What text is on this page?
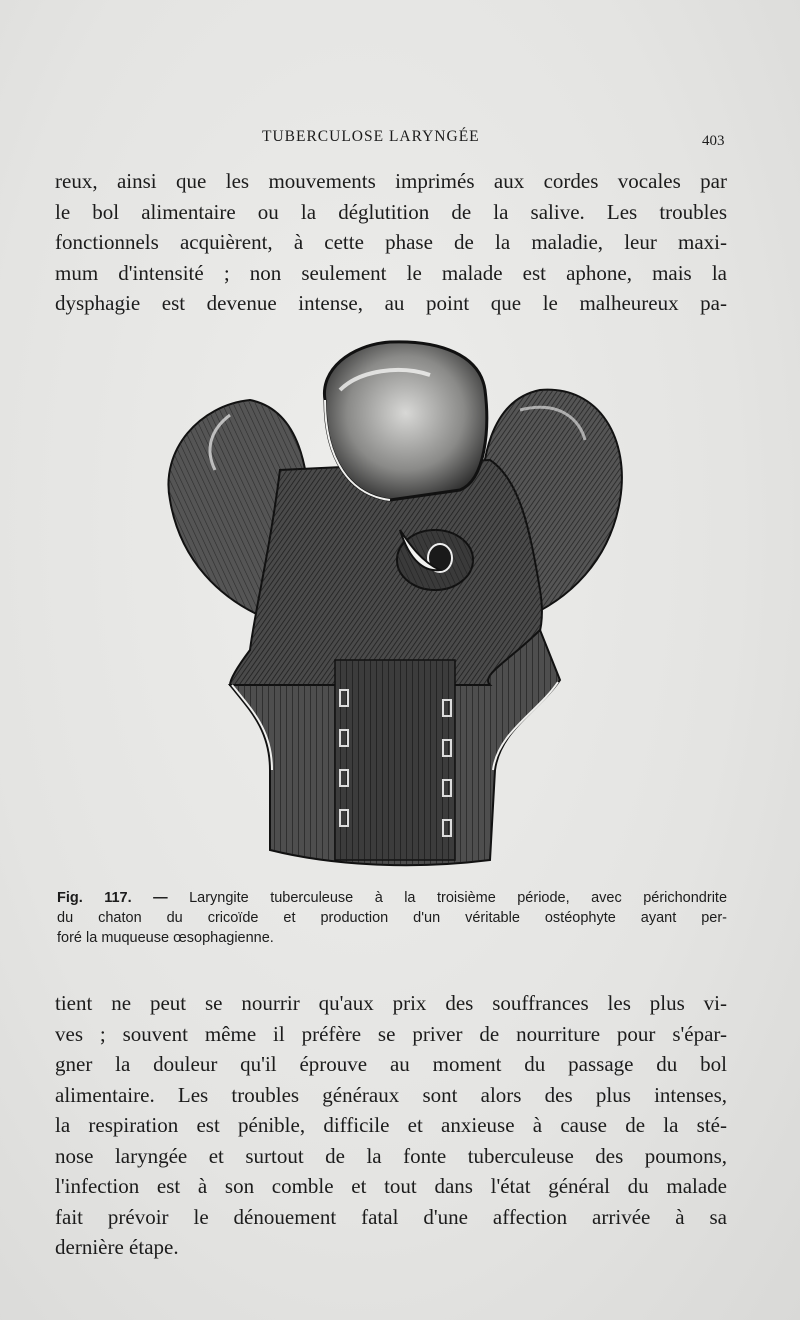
TUBERCULOSE LARYNGÉE	403

reux, ainsi que les mouvements imprimés aux cordes vocales par
le bol alimentaire ou la déglutition de la salive. Les troubles
fonctionnels acquièrent, à cette phase de la maladie, leur maxi-
mum d'intensité ; non seulement le malade est aphone, mais la
dysphagie est devenue intense, au point que le malheureux pa-

Fig. 117. — Laryngite tuberculeuse à la troisième période, avec périchondrite
du chaton du cricoïde et production d'un véritable ostéophyte ayant per-
foré la muqueuse œsophagienne.

tient ne peut se nourrir qu'aux prix des souffrances les plus vi-
ves ; souvent même il préfère se priver de nourriture pour s'épar-
gner la douleur qu'il éprouve au moment du passage du bol
alimentaire. Les troubles généraux sont alors des plus intenses,
la respiration est pénible, difficile et anxieuse à cause de la sté-
nose laryngée et surtout de la fonte tuberculeuse des poumons,
l'infection est à son comble et tout dans l'état général du malade
fait prévoir le dénouement fatal d'une affection arrivée à sa
dernière étape.
